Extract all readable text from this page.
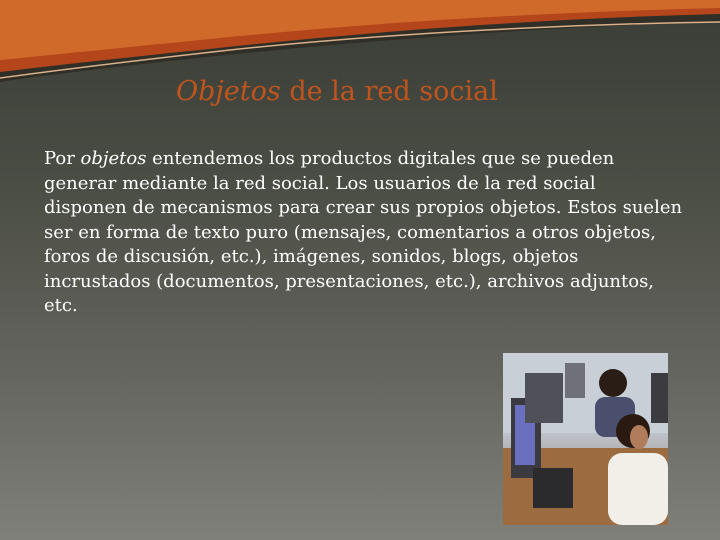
Objetos de la red social

Por objetos entendemos los productos digitales que se pueden generar mediante la red social. Los usuarios de la red social disponen de mecanismos para crear sus propios objetos. Estos suelen ser en forma de texto puro (mensajes, comentarios a otros objetos, foros de discusión, etc.), imágenes, sonidos, blogs, objetos incrustados (documentos, presentaciones, etc.), archivos adjuntos, etc.
